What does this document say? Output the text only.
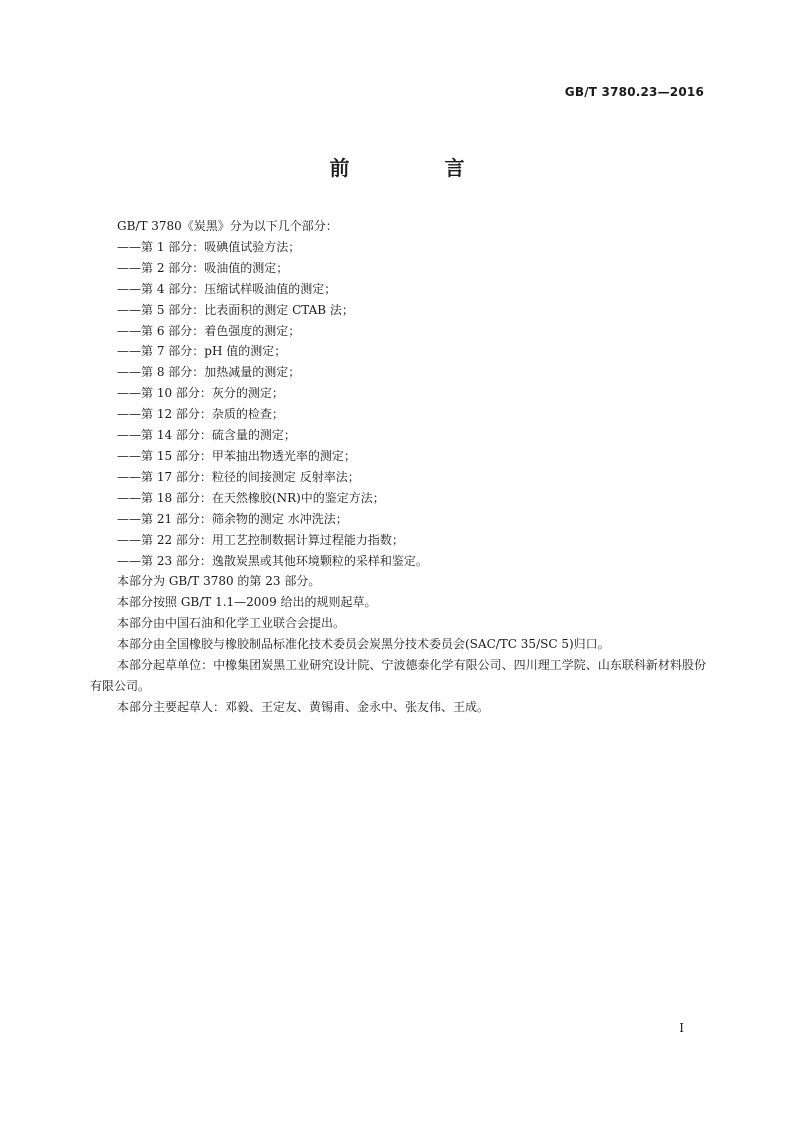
GB/T 3780.23—2016
前 言

GB/T 3780《炭黑》分为以下几个部分：

——第 1 部分：吸碘值试验方法；

——第 2 部分：吸油值的测定；

——第 4 部分：压缩试样吸油值的测定；

——第 5 部分：比表面积的测定 CTAB 法；

——第 6 部分：着色强度的测定；

——第 7 部分：pH 值的测定；

——第 8 部分：加热减量的测定；

——第 10 部分：灰分的测定；

——第 12 部分：杂质的检查；

——第 14 部分：硫含量的测定；

——第 15 部分：甲苯抽出物透光率的测定；

——第 17 部分：粒径的间接测定 反射率法；

——第 18 部分：在天然橡胶(NR)中的鉴定方法；

——第 21 部分：筛余物的测定 水冲洗法；

——第 22 部分：用工艺控制数据计算过程能力指数；

——第 23 部分：逸散炭黑或其他环境颗粒的采样和鉴定。

本部分为 GB/T 3780 的第 23 部分。

本部分按照 GB/T 1.1—2009 给出的规则起草。

本部分由中国石油和化学工业联合会提出。

本部分由全国橡胶与橡胶制品标准化技术委员会炭黑分技术委员会(SAC/TC 35/SC 5)归口。

本部分起草单位：中橡集团炭黑工业研究设计院、宁波德泰化学有限公司、四川理工学院、山东联科新材料股份有限公司。

本部分主要起草人：邓毅、王定友、黄锡甫、金永中、张友伟、王成。

I
